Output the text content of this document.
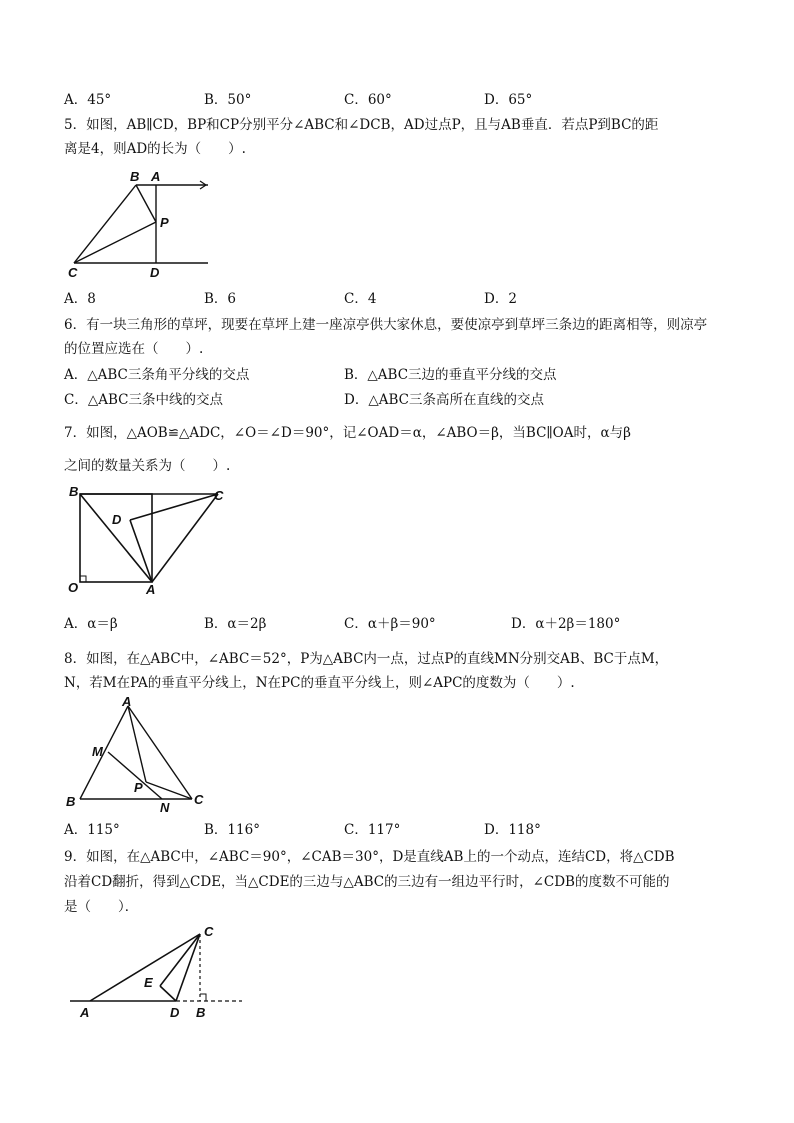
A．45°	B．50°	C．60°	D．65°
5．如图，AB∥CD，BP和CP分别平分∠ABC和∠DCB，AD过点P，且与AB垂直．若点P到BC的距
离是4，则AD的长为（　　）.
B A
P
C	D
A．8	B．6	C．4	D．2
6．有一块三角形的草坪，现要在草坪上建一座凉亭供大家休息，要使凉亭到草坪三条边的距离相等，则凉亭
的位置应选在（　　）.
A．△ABC三条角平分线的交点	B．△ABC三边的垂直平分线的交点
C．△ABC三条中线的交点	D．△ABC三条高所在直线的交点
7．如图，△AOB≌△ADC，∠O＝∠D＝90°，记∠OAD＝α，∠ABO＝β，当BC∥OA时，α与β
之间的数量关系为（　　）.
B	C
D
O	A
A．α＝β	B．α＝2β	C．α＋β＝90°	D．α＋2β＝180°
8．如图，在△ABC中，∠ABC＝52°，P为△ABC内一点，过点P的直线MN分别交AB、BC于点M，
N，若M在PA的垂直平分线上，N在PC的垂直平分线上，则∠APC的度数为（　　）.
A
M
P
B	N
C
A．115°	B．116°	C．117°	D．118°
9．如图，在△ABC中，∠ABC＝90°，∠CAB＝30°，D是直线AB上的一个动点，连结CD，将△CDB
沿着CD翻折，得到△CDE，当△CDE的三边与△ABC的三边有一组边平行时，∠CDB的度数不可能的
是（　　）．
C
E
A	D B
